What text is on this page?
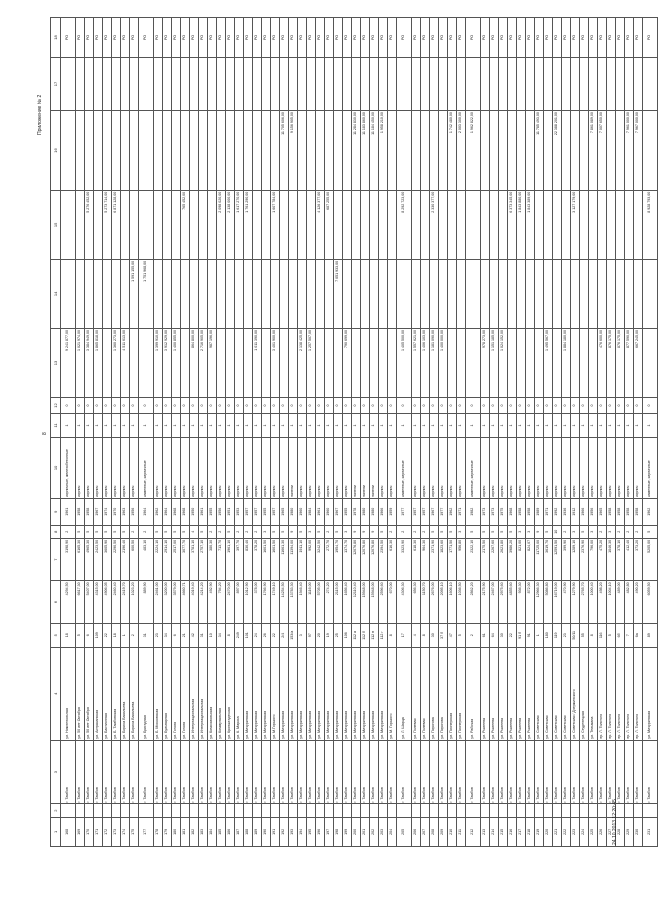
Приложение № 2
8
1	2	3	4	5	6	7	8	9	10	11	12	13	14	15	16	17	18
168		г. Тамбов	ул. Нижнепольная	18	4294,50	3198,90	2	1961	кирпичные, железобетонные	1	0	9 241 877,00					РО
169		г. Тамбов	ул. 50 лет Октября	5	6617,30	6165,30	5	1958	кирпич	1	0	1 021 974,00					РО
170		г. Тамбов	ул. 50 лет Октября	6	5407,00	4965,30	5	1958	кирпич	1	0	3 384 949,00		5 276 452,00			РО
171		г. Тамбов	ул. Астраханская	109	4315,00	2423,50	5	1967	кирпич	1	0	1 865 818,00					РО
172		г. Тамбов	ул. Бастионная	22	4906,05	3605,90	5	1974	кирпич	1	0			5 273 714,00			РО
173		г. Тамбов	ул. Б. Тамбовская	18	2460,40	2290,50	5	1970	кирпич	1	0	1 360 273,00		6 871 128,00			РО
174		г. Тамбов	ул. Бориса Васильева	1	2419,70	2196,40	5	1963	кирпич	1	0	4 511 613,00					РО
175		г. Тамбов	ул. Бориса Васильева	2	1023,20	600,50	2	1956	кирпич	1	0		1 591 155,00				РО
177		г. Тамбов	ул. Бригадная	31	889,90	483,10	2	1964	каменные, кирпичные	1	0		1 751 968,00				РО
178		г. Тамбов	ул. Б. Московская	23	2461,00	2224,10	5	1962	кирпич	1	0	1 399 910,00					РО
179		г. Тамбов	ул. Бульварная	34	3200,00	2914,10	5	1964	кирпич	1	0	3 912 929,00					РО
180		г. Тамбов	ул. Гоголя	6	3579,00	2517,00	5	1968	кирпич	1	0	1 400 855,00					РО
181		г. Тамбов	ул. Гоголя	21	4660,71	3077,70	5	1968	кирпич	1	0			765 452,00			РО
182		г. Тамбов	ул. Интернациональная	42	4019,40	3781,10	4	1950	кирпич	1	0	864 800,00					РО
183		г. Тамбов	ул. Интернациональная	31	4214,20	2757,10	5	1961	кирпич	1	0	2 716 905,00					РО
184		г. Тамбов	ул. Комсомольская	10	492,90	380,30	2	1955	кирпич	1	0	987 196,00					РО
185		г. Тамбов	ул. Коммунальная	34	794,20	713,70	2	1956	кирпич	1	0			2 098 020,00			РО
186		г. Тамбов	ул. Кронштадтская	8	2470,00	1961,10	5	1951	кирпич	1	0			2 138 000,00			РО
187		г. Тамбов	ул. К. Маркса	249	897,00	397,70	2	1953	кирпич	1	0			1 617 270,00			РО
188		г. Тамбов	ул. Мичуринская	101	1012,90	830,40	2	1957	кирпич	1	0			1 761 290,00			РО
189		г. Тамбов	ул. Мичуринская	24	378,00	378,20	2	1957	кирпич	1	0	1 011 390,00					РО
190		г. Тамбов	ул. Мичуринская	26	1766,90	1601,50	3	1955	кирпич	1	0						РО
191		г. Тамбов	ул. М.Горького	22	1749,10	1601,50	5	1957	кирпич	1	0	3 401 900,00		1 607 784,00			РО
192		г. Тамбов	ул. Мичуринская	2/4	14254,50	11661,30	5	1965	кирпич	1	0				11 705 606,00		РО
193		г. Тамбов	ул. Мичуринская	153/а	13783,30	11394,00	9	1980	панели	1	0				9 156 905,00		РО
194		г. Тамбов	ул. Мичуринская	3	1946,40	1911,10	5	1960	кирпич	1	0	2 138 425,00					РО
195		г. Тамбов	ул. Мичуринская	97	1116,00	992,00	3	1984	кирпич	1	0	1 257 507,00					РО
196		г. Тамбов	ул. Мичуринская	20	5705,00	3242,50	5	1961	кирпич	1	0			4 126 377,00			РО
197		г. Тамбов	ул. Мичуринская	19	274,20	272,70	2	1960	кирпич	1	0			687 255,00			РО
198		г. Тамбов	ул. Мичуринская	25	2115,00	1954,70	5	1967	кирпич	1	0		7 051 933,00				РО
199		г. Тамбов	ул. Мичуринская	106	1656,40	1374,70	3	1955	кирпич	1	0	790 699,00					РО
200		г. Тамбов	ул. Мичуринская	112 а	12110,40	12076,80	9	1978	панели	1	0				11 284 830,00		РО
201		г. Тамбов	ул. Мичуринская	112 б	15948,00	12076,80	9	1980	панели	1	0				11 183 860,00		РО
202		г. Тамбов	ул. Мичуринская	112 в	15948,00	12076,80	9	1980	панели	1	0				11 184 450,00		РО
203		г. Тамбов	ул. Мичуринская	112 г	2596,60	2394,50	5	1966	кирпич	1	0				1 958 210,00		РО
204		г. Тамбов	ул. М. Горького	8	670,00	616,30	2	1959	кирпич	1	0						РО
205		г. Тамбов	ул. Л. Шарца	17	4306,30	3323,90	2	1977	каменные, кирпичные	1	0	1 405 500,00		8 292 723,00			РО
206		г. Тамбов	ул. Полевая	4	656,30	618,30	2	1957	кирпич	1	0	1 557 621,00					РО
207		г. Тамбов	ул. Полевая	8	1150,70	964,30	2	1957	кирпич	1	0	1 406 103,00					РО
208		г. Тамбов	ул. Пирогова	30	2676,00	2371,90	5	1967	кирпич	1	0	1 181 090,00		2 330 377,00			РО
209		г. Тамбов	ул. Пирогова	37 б	2095,10	1823,60	5	1977	кирпич	1	0	1 400 000,00					РО
210		г. Тамбов	ул. Пионерская	47	1606,10	1771,50	5	1962	кирпич	1	0				1 742 480,00		РО
211		г. Тамбов	ул. Пионерская	5	1036,50	956,80	3	1971	кирпич	1	0				2 003 300,00		РО
212		г. Тамбов	ул. Рабочая	2	2862,20	2322,10	5	1982	каменные, кирпичные	1	0				1 962 822,00		РО
213		г. Тамбов	ул. Рылеева	61	2175,90	2175,50	5	1973	кирпич	1	0	978 273,00					РО
214		г. Тамбов	ул. Рылеева	64	2467,00	2267,60	5	1973	кирпич	1	0	1 151 185,00					РО
215		г. Тамбов	ул. Рылеева	30	2975,60	2621,80	5	1975	кирпич	1	0	1 024 152,00					РО
216		г. Тамбов	ул. Рылеева	22	4855,60	3986,20	5	1968	кирпич	1	0			6 373 345,00			РО
217		г. Тамбов	ул. Рылеева	91 б	936,30	821,00	3	1958	кирпич	1	0			1 843 880,00			РО
218		г. Тамбов	ул. Рылеева	91	872,00	824,07	3	1958	кирпич	1	0			1 843 389,00			РО
219		г. Тамбов	ул. Советская	1	12966,30	11725,00	9	1989	кирпич	1	0				11 785 493,00		РО
220		г. Тамбов	ул. Советская	180	5086,80	3619,70	5	1971	кирпич	1	0	1 495 567,00					РО
221		г. Тамбов	ул. Советская	119	16719,00	12591,50	10	1992	кирпич	1	0				22 388 201,00		РО
222		г. Тамбов	ул. Советская	23	470,90	399,90	2	1936	кирпич	1	0	1 884 180,00					РО
223		г. Тамбов	ул. Советская / Дзержинского	50/11	1279,90	1289,10	3	1912	кирпич	1	0			3 127 179,00			РО
224		г. Тамбов	ул. Студенецкая	55	2765,70	2376,90	5	1966	кирпич	1	0						РО
225		г. Тамбов	ул. Тельмана	8	1000,40	796,00	3	1956	кирпич	1	0				7 861 089,00		РО
226		г. Тамбов	пр. Л. Толстого	116	498,20	475,20	2	1965	кирпич	1	0	476 600,00			7 007 650,00		РО
227		г. Тамбов	пр. Л. Толстого	5	1004,10	1046,30	3	1958	кирпич	1	0	876 175,00					РО
228		г. Тамбов	пр. Л. Толстого	6б	489,00	378,10	2	1958	кирпич	1	0	876 175,00					РО
229		г. Тамбов	пр. Л. Толстого	7	482,80	412,40	2	1958	кирпич	1	0	877 590,00			7 961 000,00		РО
230		г. Тамбов	пр. Л. Толстого	6а	490,20	373,20	2	1958	кирпич	1	0	667 245,00			7 967 000,00		РО
231		г. Тамбов	ул. Мичуринская	89	6059,50	5205,00	5	1962	каменные, кирпичные	1	0			8 928 793,00			РО
24.10.2013 12:20:45
